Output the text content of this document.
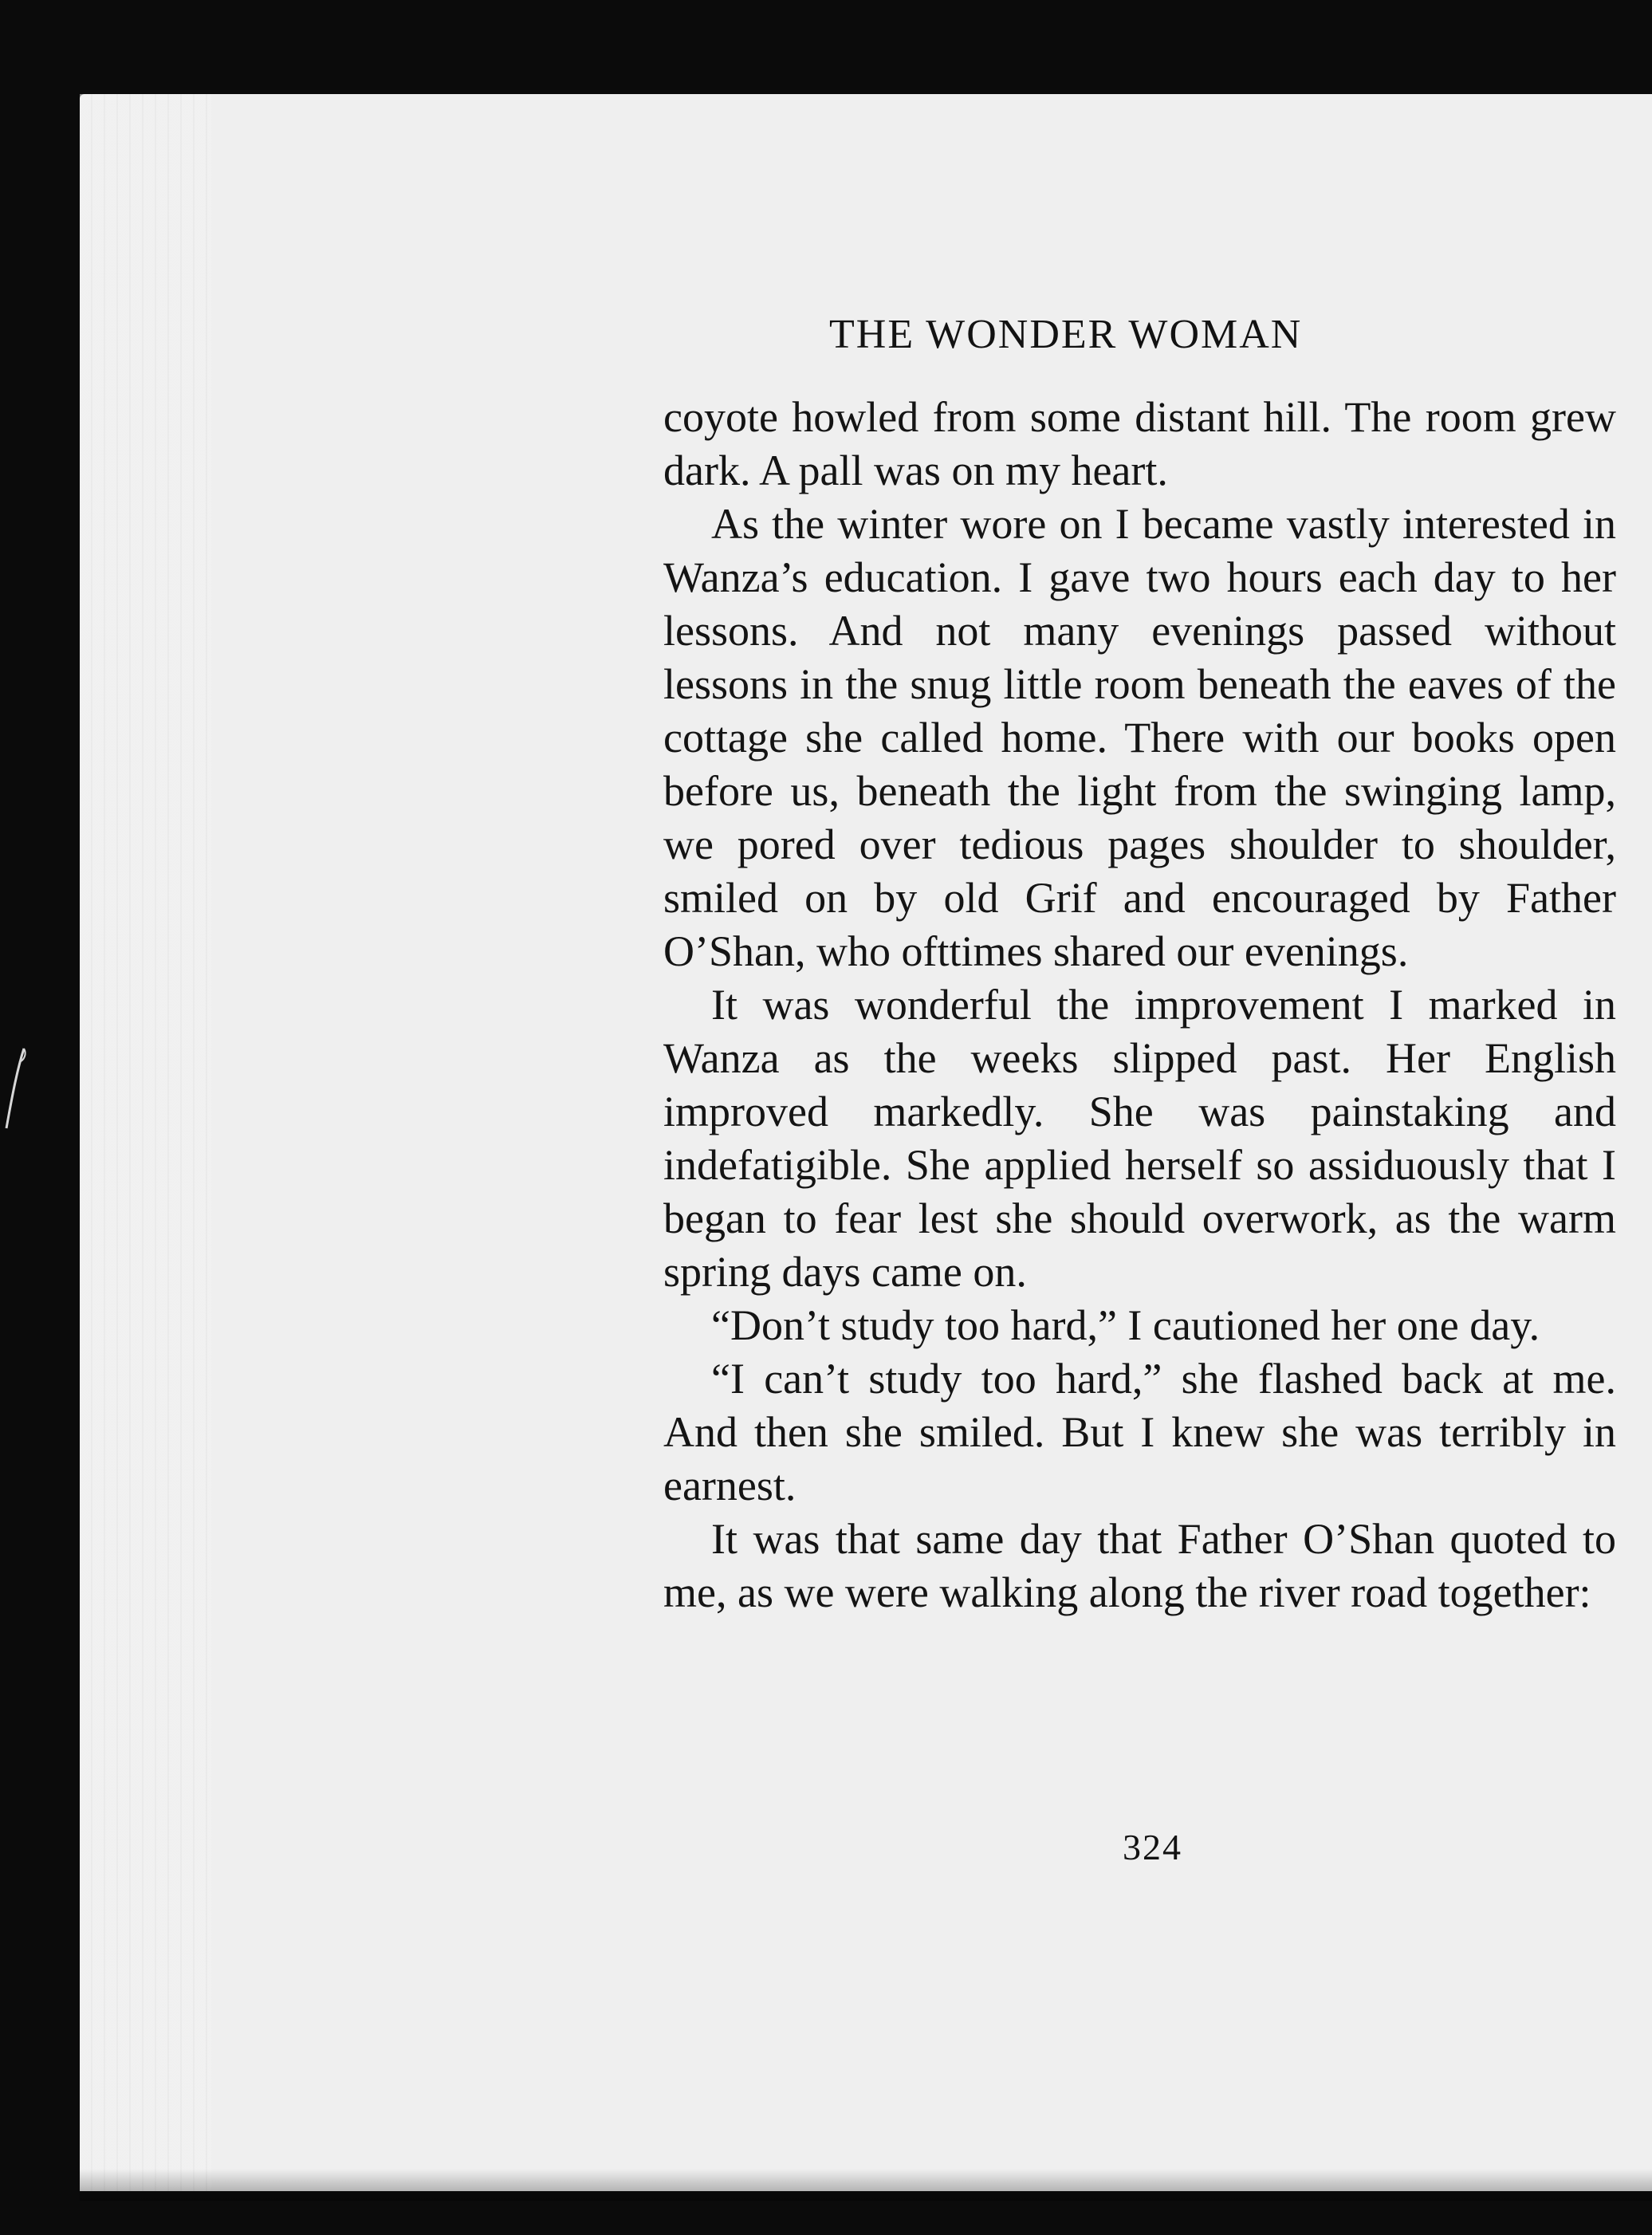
THE WONDER WOMAN

coyote howled from some distant hill. The room grew dark. A pall was on my heart.

As the winter wore on I became vastly interested in Wanza’s education. I gave two hours each day to her lessons. And not many evenings passed without lessons in the snug little room beneath the eaves of the cottage she called home. There with our books open before us, beneath the light from the swinging lamp, we pored over tedious pages shoulder to shoulder, smiled on by old Grif and encouraged by Father O’Shan, who ofttimes shared our evenings.

It was wonderful the improvement I marked in Wanza as the weeks slipped past. Her English improved markedly. She was painstaking and indefatigible. She applied herself so assiduously that I began to fear lest she should overwork, as the warm spring days came on.

“Don’t study too hard,” I cautioned her one day.

“I can’t study too hard,” she flashed back at me. And then she smiled. But I knew she was terribly in earnest.

It was that same day that Father O’Shan quoted to me, as we were walking along the river road together:

324
